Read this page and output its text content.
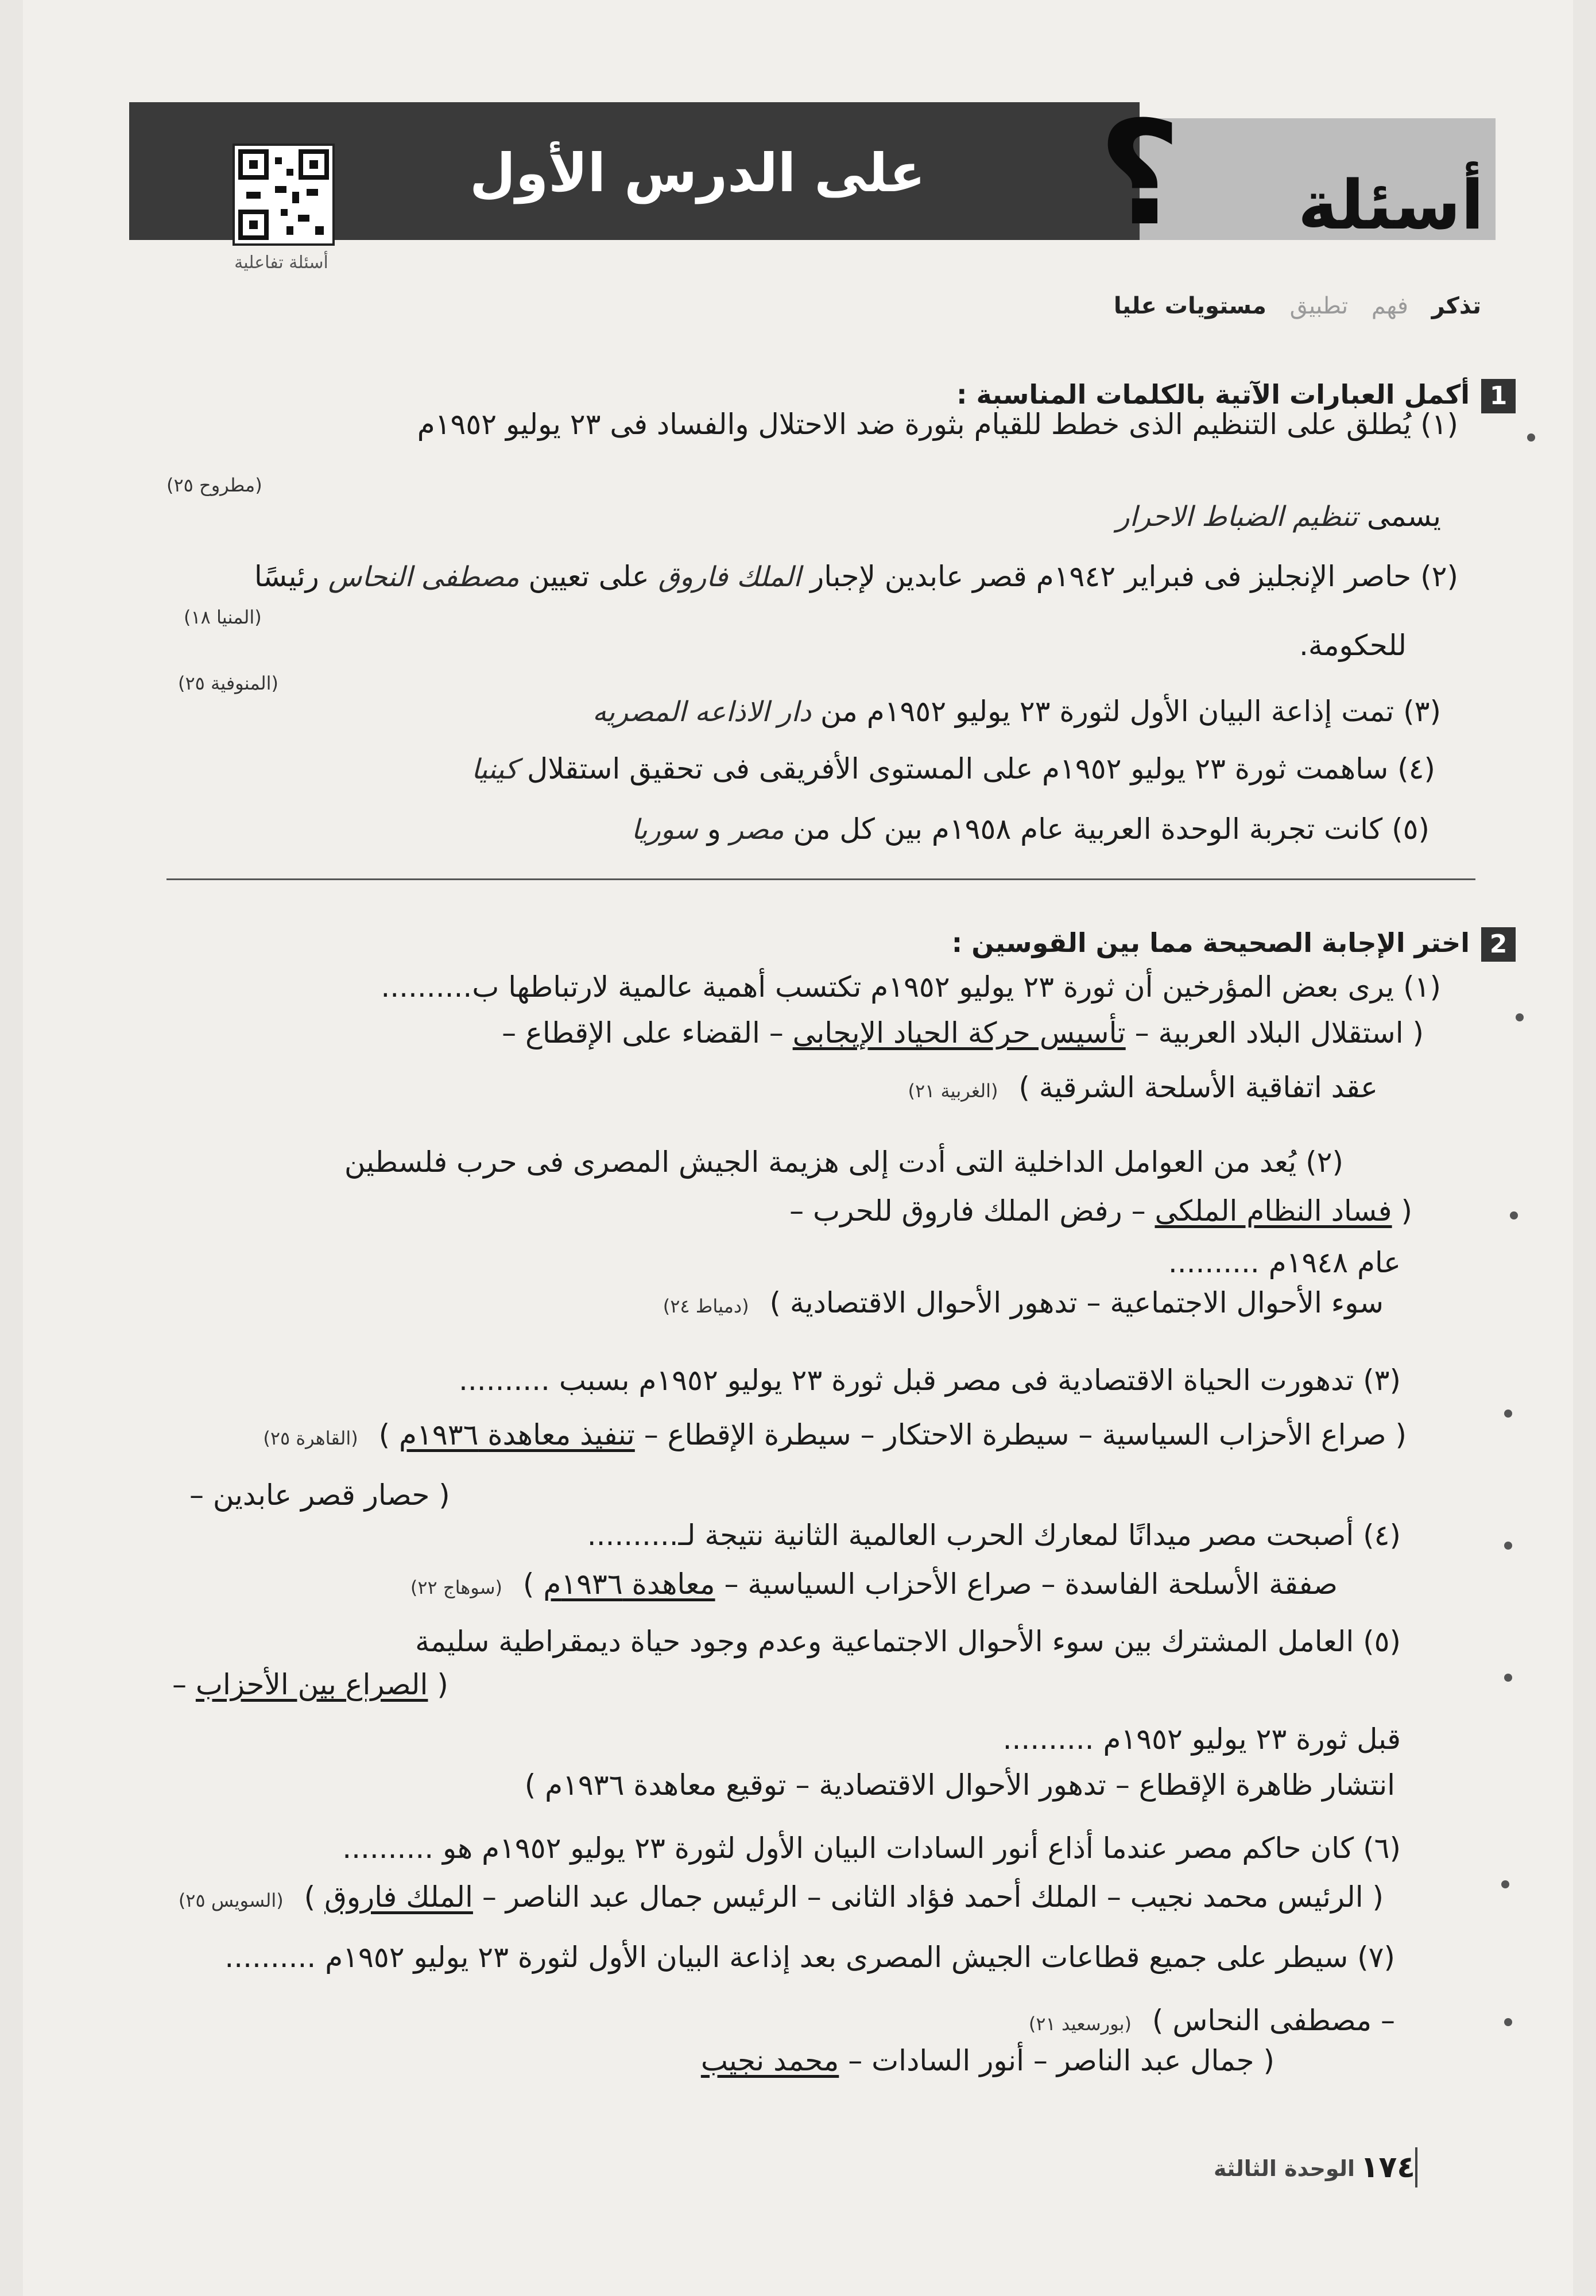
على الدرس الأول ؟	أسئلة
أسئلة تفاعلية
تذكر فهم تطبيق مستويات عليا
1
أكمل العبارات الآتية بالكلمات المناسبة :
(١) يُطلق على التنظيم الذى خطط للقيام بثورة ضد الاحتلال والفساد فى ٢٣ يوليو ١٩٥٢م
(مطروح ٢٥)
يسمى تنظيم الضباط الاحرار
(٢) حاصر الإنجليز فى فبراير ١٩٤٢م قصر عابدين لإجبار الملك فاروق على تعيين مصطفى النحاس رئيسًا
(المنيا ١٨)
للحكومة.
(المنوفية ٢٥)
(٣) تمت إذاعة البيان الأول لثورة ٢٣ يوليو ١٩٥٢م من دار الاذاعه المصريه
(٤) ساهمت ثورة ٢٣ يوليو ١٩٥٢م على المستوى الأفريقى فى تحقيق استقلال كينيا
(٥) كانت تجربة الوحدة العربية عام ١٩٥٨م بين كل من مصر و سوريا
2
اختر الإجابة الصحيحة مما بين القوسين :
(١) يرى بعض المؤرخين أن ثورة ٢٣ يوليو ١٩٥٢م تكتسب أهمية عالمية لارتباطها ب..........
( استقلال البلاد العربية – تأسيس حركة الحياد الإيجابى – القضاء على الإقطاع –
عقد اتفاقية الأسلحة الشرقية ) (الغربية ٢١)
(٢) يُعد من العوامل الداخلية التى أدت إلى هزيمة الجيش المصرى فى حرب فلسطين
( فساد النظام الملكى – رفض الملك فاروق للحرب –
عام ١٩٤٨م ..........
سوء الأحوال الاجتماعية – تدهور الأحوال الاقتصادية ) (دمياط ٢٤)
(٣) تدهورت الحياة الاقتصادية فى مصر قبل ثورة ٢٣ يوليو ١٩٥٢م بسبب ..........
( صراع الأحزاب السياسية – سيطرة الاحتكار – سيطرة الإقطاع – تنفيذ معاهدة ١٩٣٦م ) (القاهرة ٢٥)
( حصار قصر عابدين –
(٤) أصبحت مصر ميدانًا لمعارك الحرب العالمية الثانية نتيجة لـ..........
صفقة الأسلحة الفاسدة – صراع الأحزاب السياسية – معاهدة ١٩٣٦م ) (سوهاج ٢٢)
(٥) العامل المشترك بين سوء الأحوال الاجتماعية وعدم وجود حياة ديمقراطية سليمة
( الصراع بين الأحزاب –
قبل ثورة ٢٣ يوليو ١٩٥٢م ..........
انتشار ظاهرة الإقطاع – تدهور الأحوال الاقتصادية – توقيع معاهدة ١٩٣٦م )
(٦) كان حاكم مصر عندما أذاع أنور السادات البيان الأول لثورة ٢٣ يوليو ١٩٥٢م هو ..........
( الرئيس محمد نجيب – الملك أحمد فؤاد الثانى – الرئيس جمال عبد الناصر – الملك فاروق ) (السويس ٢٥)
(٧) سيطر على جميع قطاعات الجيش المصرى بعد إذاعة البيان الأول لثورة ٢٣ يوليو ١٩٥٢م ..........
– مصطفى النحاس ) (بورسعيد ٢١)
( جمال عبد الناصر – أنور السادات – محمد نجيب
١٧٤
الوحدة الثالثة
